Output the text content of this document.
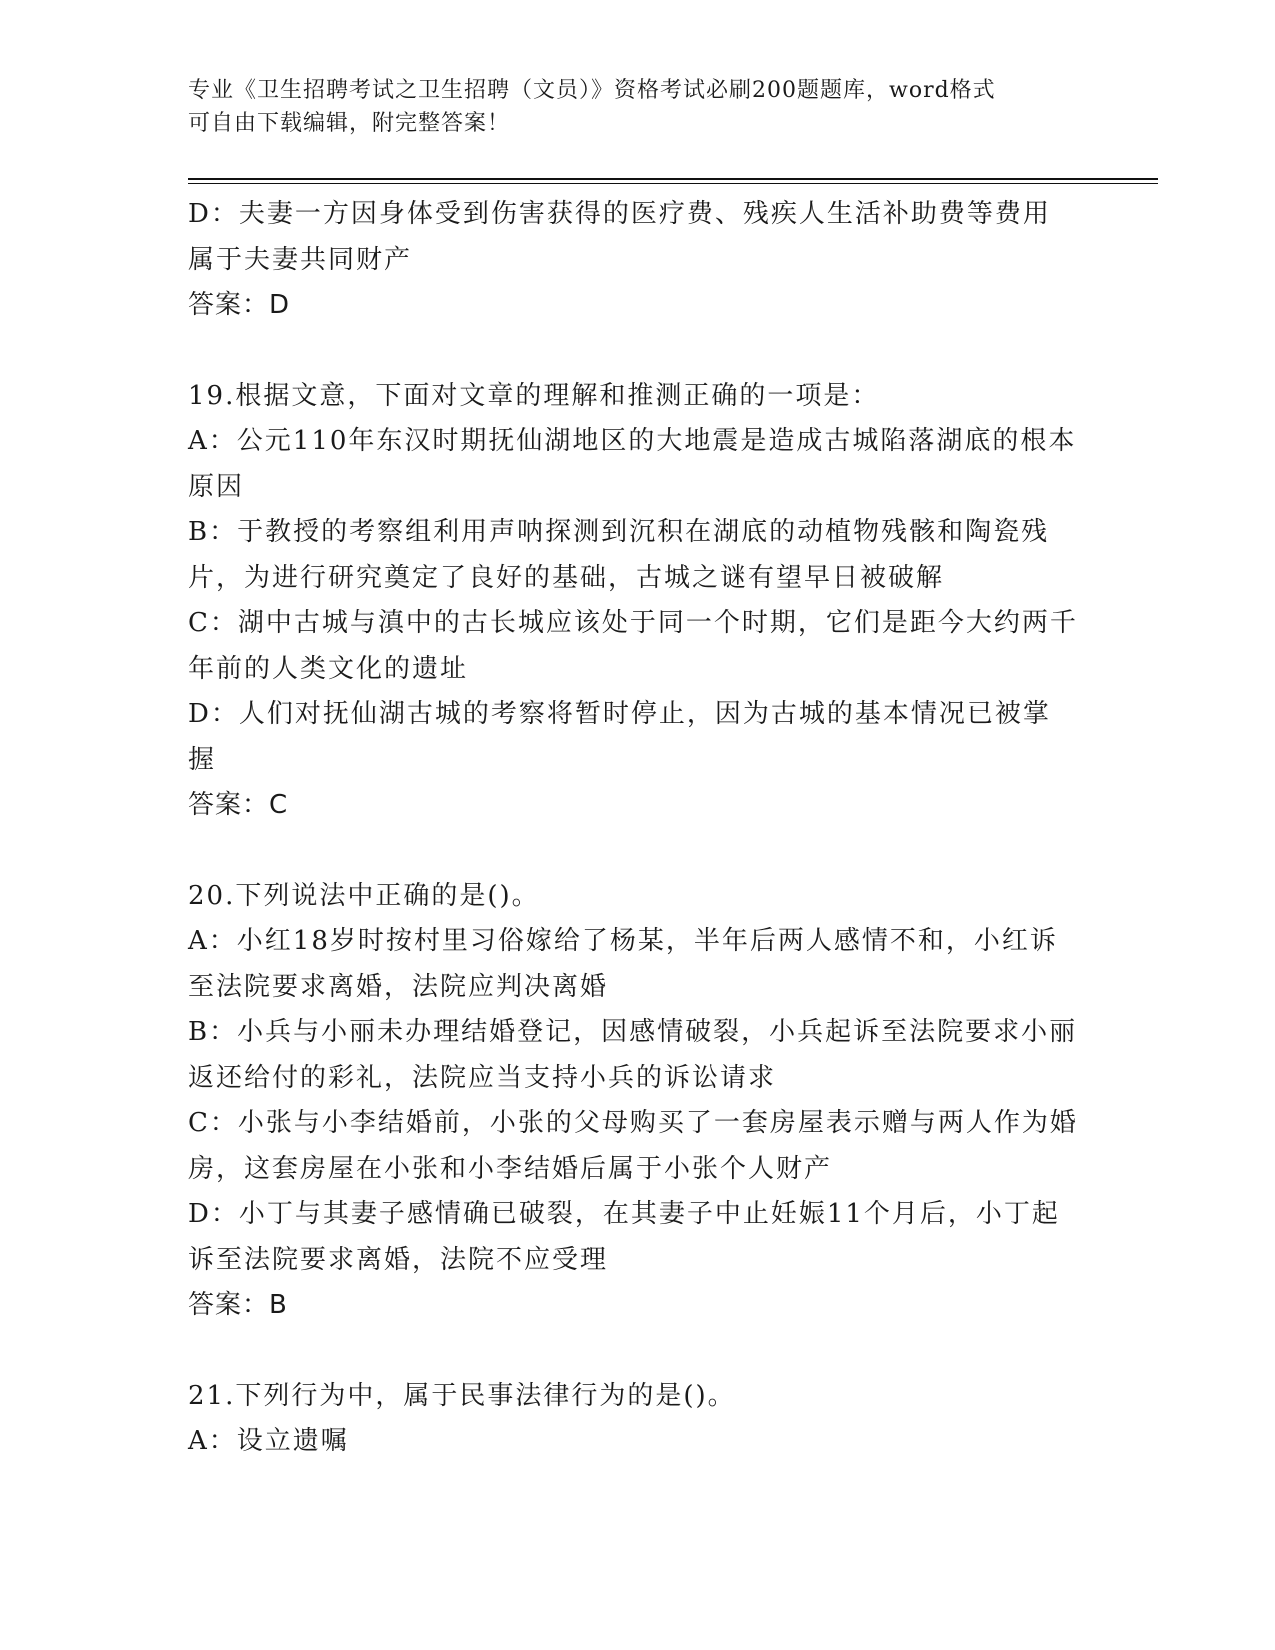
专业《卫生招聘考试之卫生招聘（文员）》资格考试必刷200题题库，word格式
可自由下载编辑，附完整答案！

D：夫妻一方因身体受到伤害获得的医疗费、残疾人生活补助费等费用属于夫妻共同财产

答案：D

19.根据文意，下面对文章的理解和推测正确的一项是：

A：公元110年东汉时期抚仙湖地区的大地震是造成古城陷落湖底的根本原因

B：于教授的考察组利用声呐探测到沉积在湖底的动植物残骸和陶瓷残片，为进行研究奠定了良好的基础，古城之谜有望早日被破解

C：湖中古城与滇中的古长城应该处于同一个时期，它们是距今大约两千年前的人类文化的遗址

D：人们对抚仙湖古城的考察将暂时停止，因为古城的基本情况已被掌握

答案：C

20.下列说法中正确的是()。

A：小红18岁时按村里习俗嫁给了杨某，半年后两人感情不和，小红诉至法院要求离婚，法院应判决离婚

B：小兵与小丽未办理结婚登记，因感情破裂，小兵起诉至法院要求小丽返还给付的彩礼，法院应当支持小兵的诉讼请求

C：小张与小李结婚前，小张的父母购买了一套房屋表示赠与两人作为婚房，这套房屋在小张和小李结婚后属于小张个人财产

D：小丁与其妻子感情确已破裂，在其妻子中止妊娠11个月后，小丁起诉至法院要求离婚，法院不应受理

答案：B

21.下列行为中，属于民事法律行为的是()。

A：设立遗嘱
